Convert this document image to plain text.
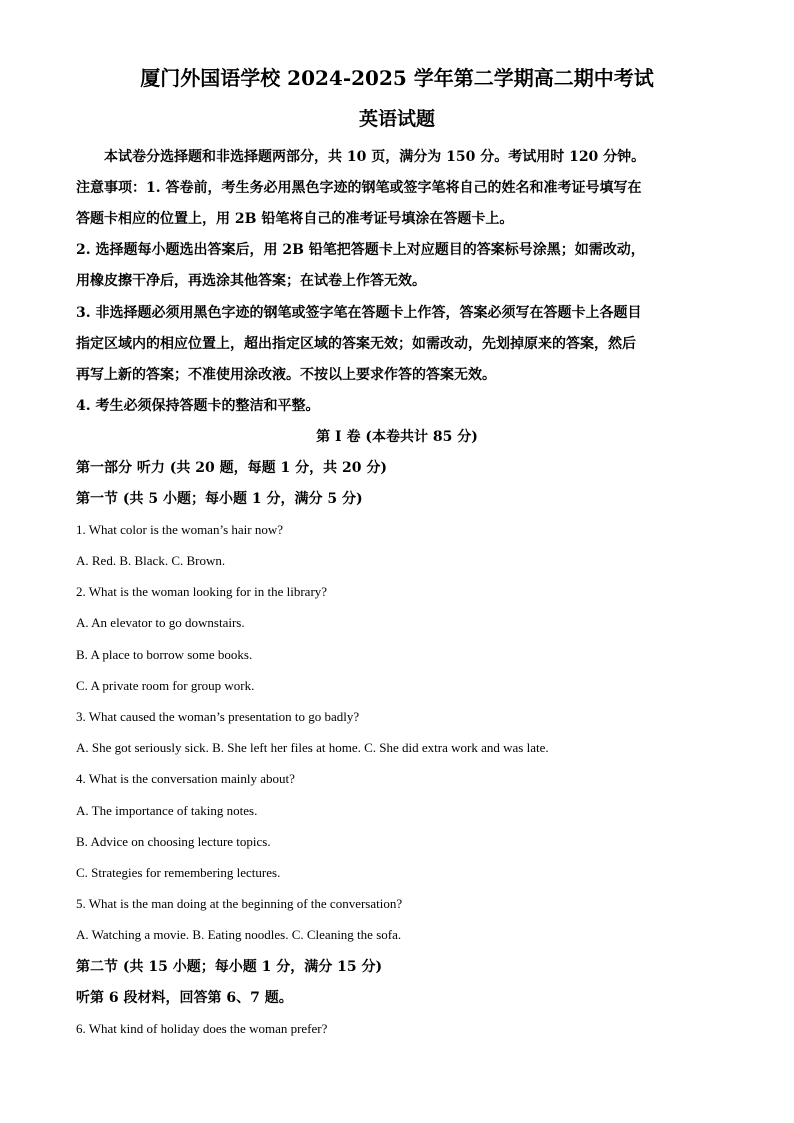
厦门外国语学校 2024-2025 学年第二学期高二期中考试
英语试题
本试卷分选择题和非选择题两部分，共 10 页，满分为 150 分。考试用时 120 分钟。
注意事项：1. 答卷前，考生务必用黑色字迹的钢笔或签字笔将自己的姓名和准考证号填写在
答题卡相应的位置上，用 2B 铅笔将自己的准考证号填涂在答题卡上。
2. 选择题每小题选出答案后，用 2B 铅笔把答题卡上对应题目的答案标号涂黑；如需改动，
用橡皮擦干净后，再选涂其他答案；在试卷上作答无效。
3. 非选择题必须用黑色字迹的钢笔或签字笔在答题卡上作答，答案必须写在答题卡上各题目
指定区域内的相应位置上，超出指定区域的答案无效；如需改动，先划掉原来的答案，然后
再写上新的答案；不准使用涂改液。不按以上要求作答的答案无效。
4. 考生必须保持答题卡的整洁和平整。
第 I 卷 (本卷共计 85 分)
第一部分 听力 (共 20 题，每题 1 分，共 20 分)
第一节 (共 5 小题；每小题 1 分，满分 5 分)
1. What color is the woman’s hair now?
A. Red. B. Black. C. Brown.
2. What is the woman looking for in the library?
A. An elevator to go downstairs.
B. A place to borrow some books.
C. A private room for group work.
3. What caused the woman’s presentation to go badly?
A. She got seriously sick. B. She left her files at home. C. She did extra work and was late.
4. What is the conversation mainly about?
A. The importance of taking notes.
B. Advice on choosing lecture topics.
C. Strategies for remembering lectures.
5. What is the man doing at the beginning of the conversation?
A. Watching a movie. B. Eating noodles. C. Cleaning the sofa.
第二节 (共 15 小题；每小题 1 分，满分 15 分)
听第 6 段材料，回答第 6、7 题。
6. What kind of holiday does the woman prefer?
